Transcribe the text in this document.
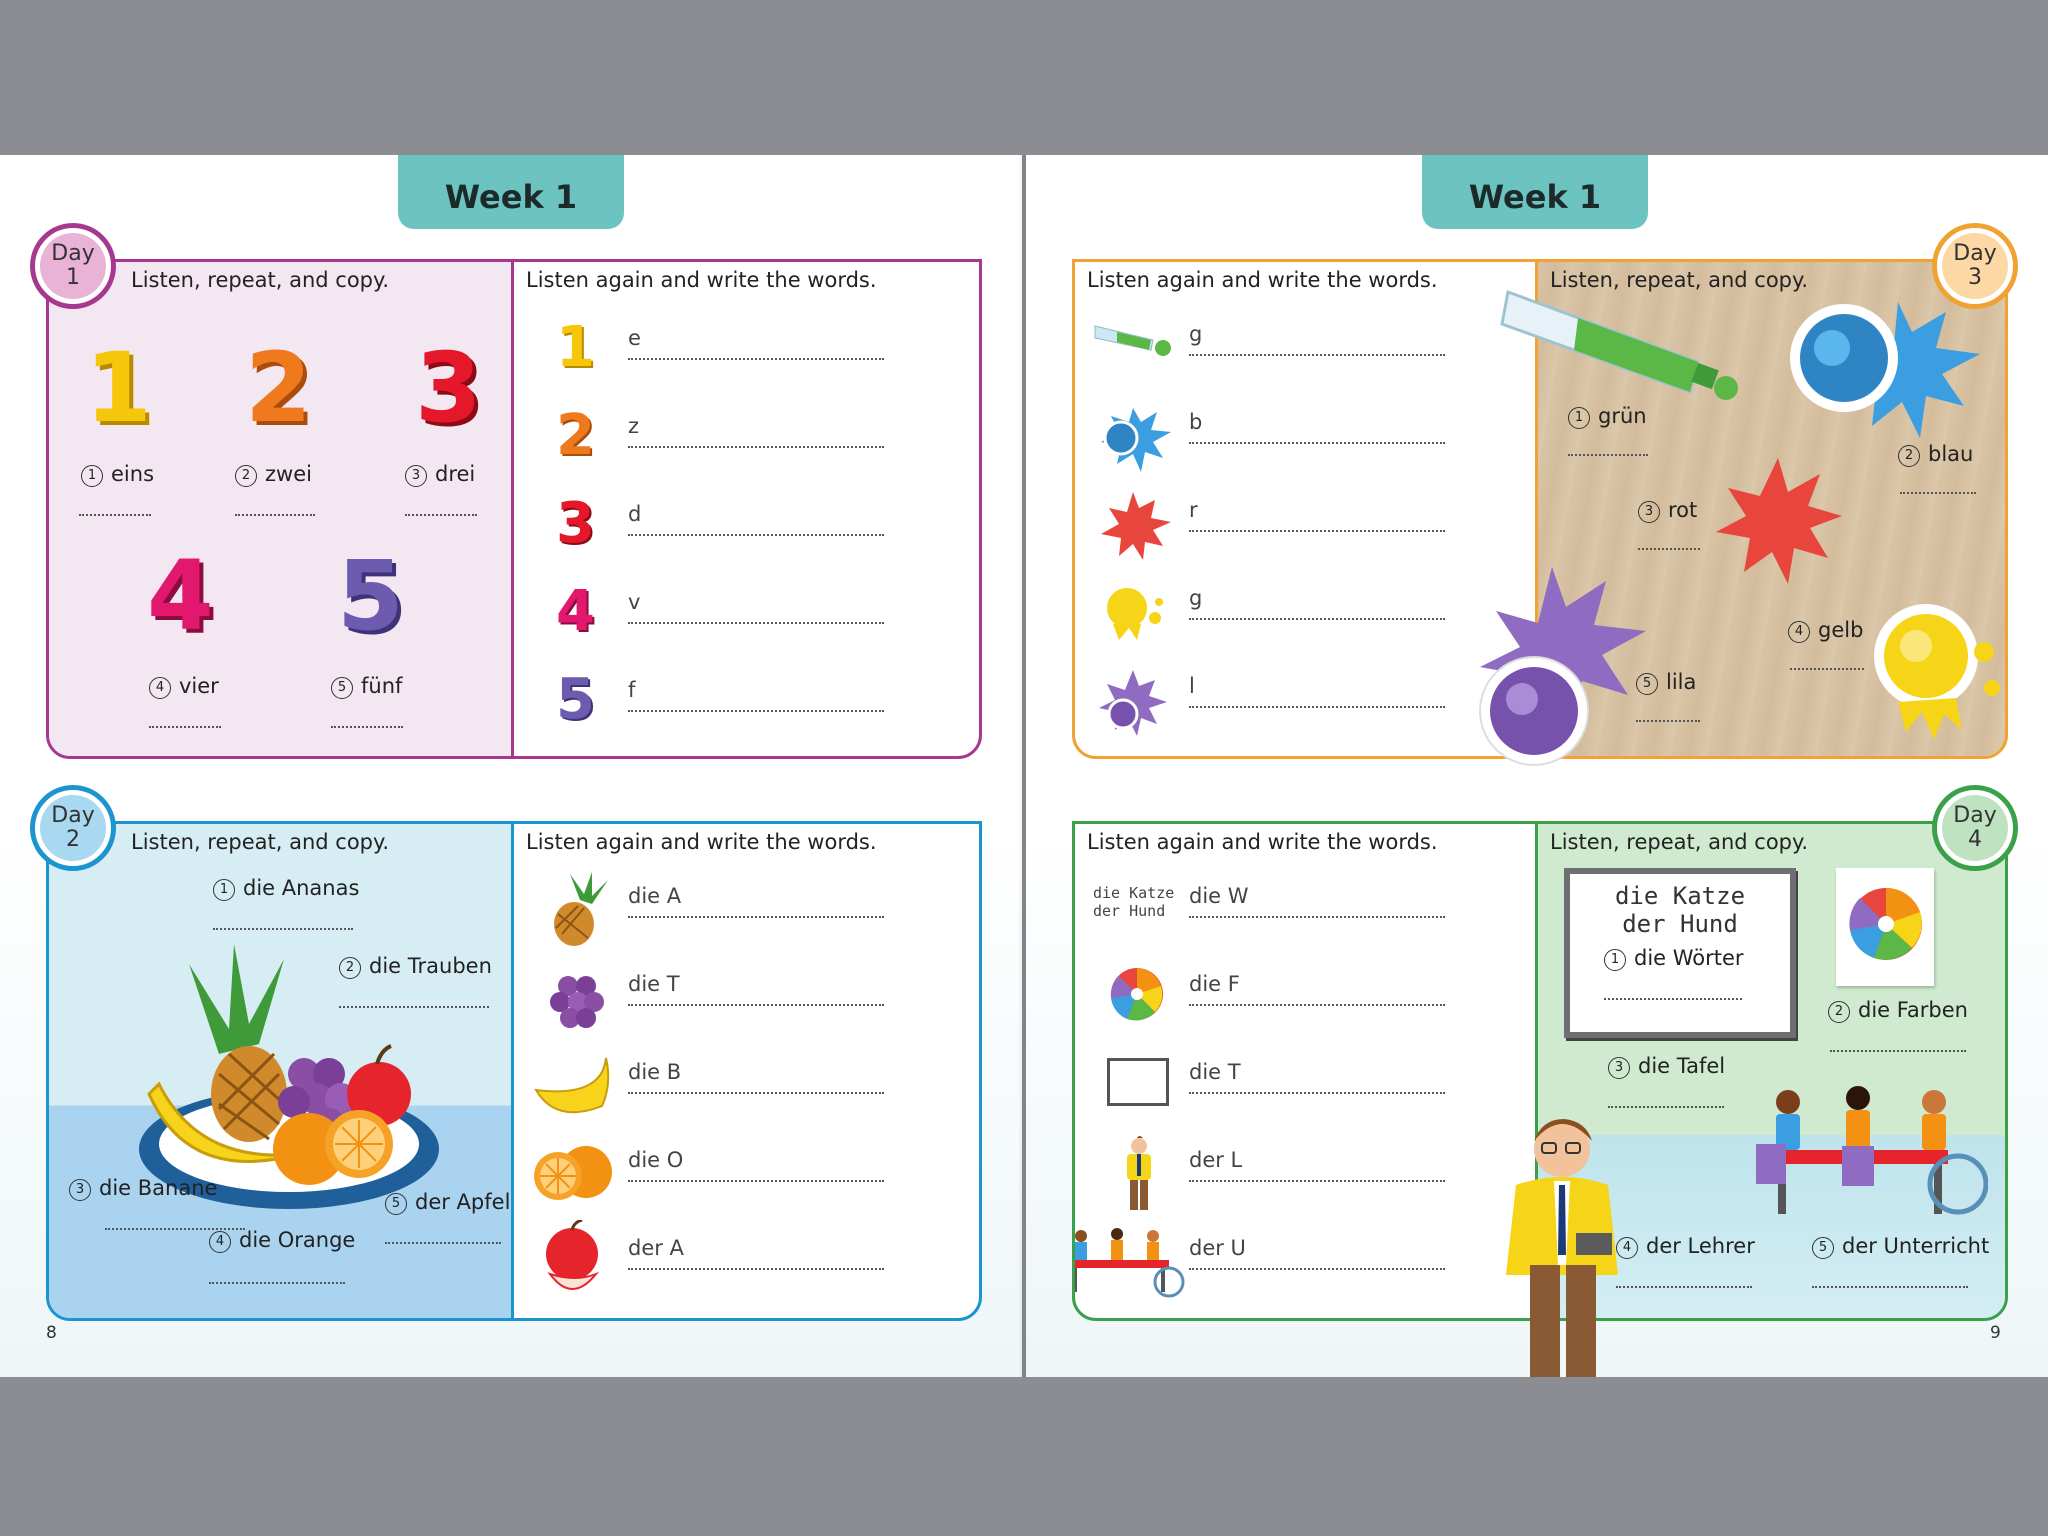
Week 1
Day
1 Listen, repeat, and copy.
1
1 eins
2
2 zwei
3
3 drei
4
4 vier
5
5 fünf
Listen again and write the words.
1 e
2 z
3 d
4 v
5 f
Day
2 Listen, repeat, and copy.
1 die Ananas
2 die Trauben
3 die Banane
4 die Orange
5 der Apfel
Listen again and write the words.
die A
die T
die B
die O
der A
8
Week 1
Day
3
Listen again and write the words.
g
b
r
g
l
Listen, repeat, and copy.
1 grün
2 blau
3 rot
4 gelb
5 lila
Day
4
Listen again and write the words.
die Katze
der Hund
die W
die F
die T
der L
der U
Listen, repeat, and copy.
die Katze
der Hund
1 die Wörter
2 die Farben
3 die Tafel
4 der Lehrer	5 der Unterricht
9
